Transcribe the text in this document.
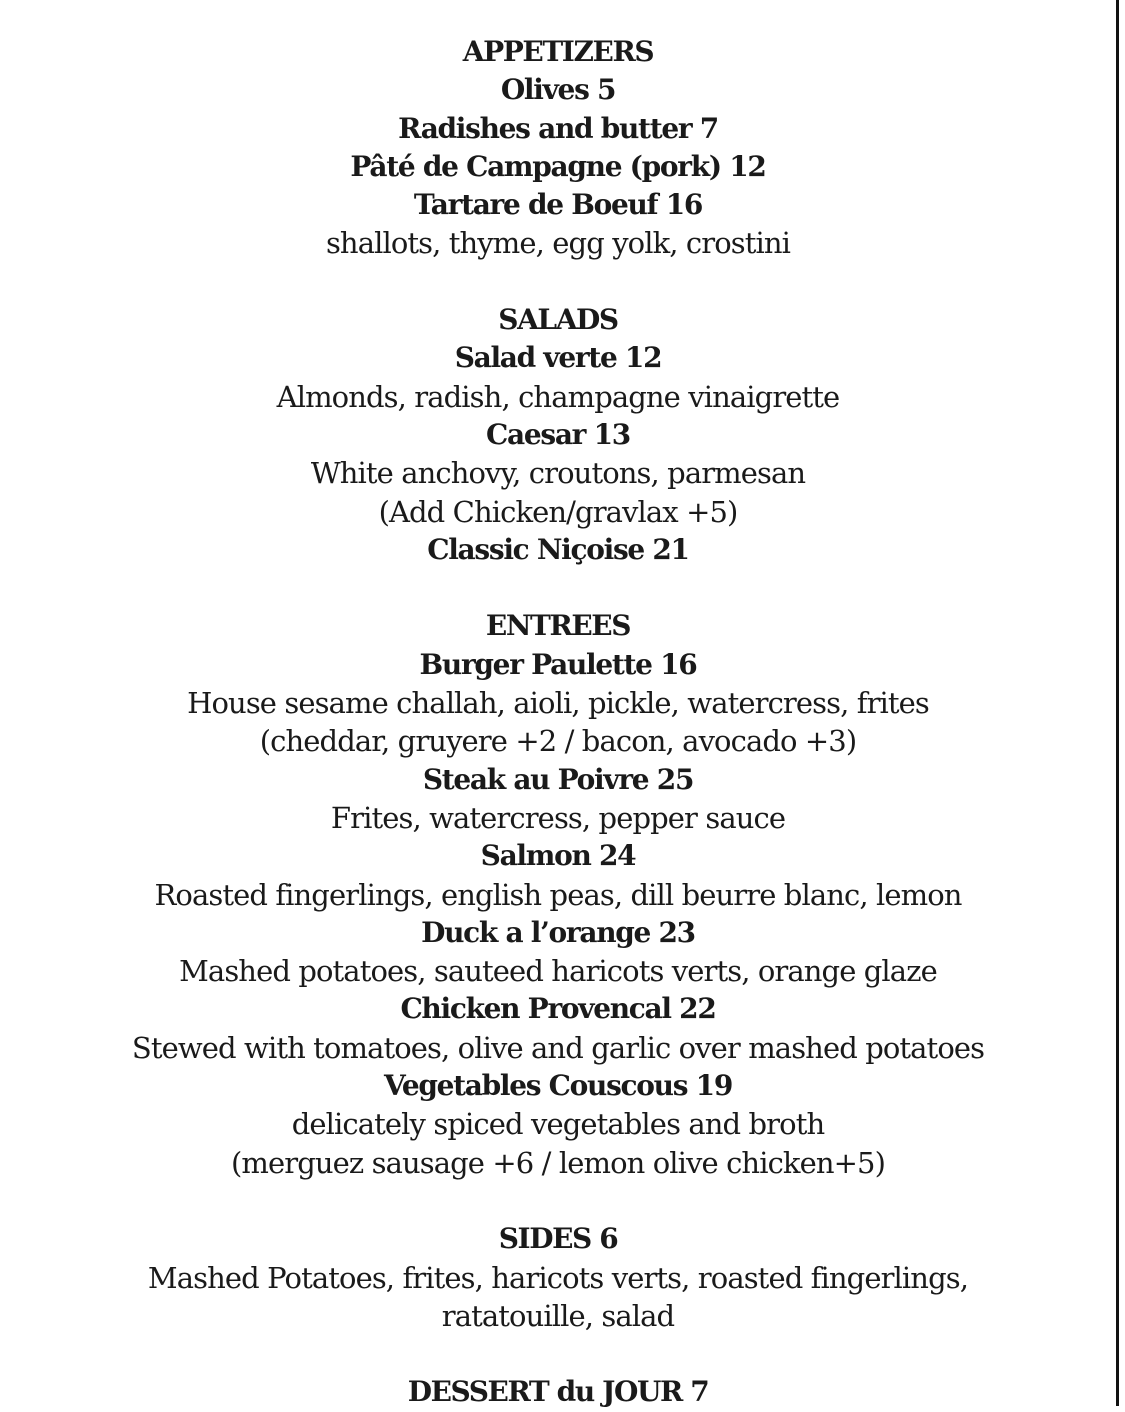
APPETIZERS
Olives 5
Radishes and butter 7
Pâté de Campagne (pork) 12
Tartare de Boeuf 16
shallots, thyme, egg yolk, crostini
SALADS
Salad verte 12
Almonds, radish, champagne vinaigrette
Caesar 13
White anchovy, croutons, parmesan
(Add Chicken/gravlax +5)
Classic Niçoise 21
ENTREES
Burger Paulette 16
House sesame challah, aioli, pickle, watercress, frites
(cheddar, gruyere +2 / bacon, avocado +3)
Steak au Poivre 25
Frites, watercress, pepper sauce
Salmon 24
Roasted fingerlings, english peas, dill beurre blanc, lemon
Duck a l’orange 23
Mashed potatoes, sauteed haricots verts, orange glaze
Chicken Provencal 22
Stewed with tomatoes, olive and garlic over mashed potatoes
Vegetables Couscous 19
delicately spiced vegetables and broth
(merguez sausage +6 / lemon olive chicken+5)
SIDES 6
Mashed Potatoes, frites, haricots verts, roasted fingerlings,
ratatouille, salad
DESSERT du JOUR 7
